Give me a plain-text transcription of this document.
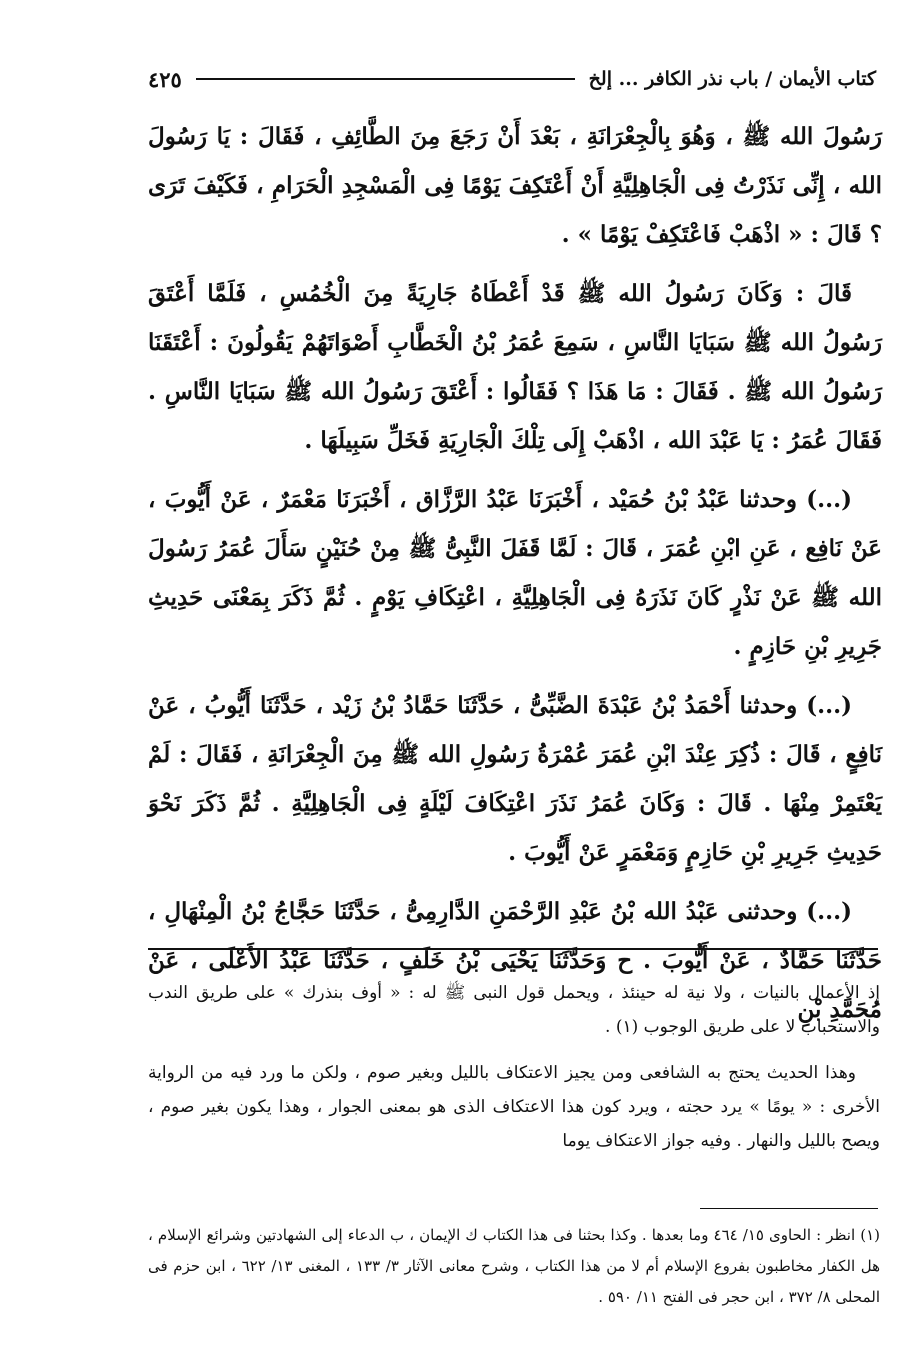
كتاب الأيمان / باب نذر الكافر ... إلخ
٤٢٥

رَسُولَ الله ﷺ ، وَهُوَ بِالْجِعْرَانَةِ ، بَعْدَ أَنْ رَجَعَ مِنَ الطَّائِفِ ، فَقَالَ : يَا رَسُولَ الله ، إِنِّى نَذَرْتُ فِى الْجَاهِلِيَّةِ أَنْ أَعْتَكِفَ يَوْمًا فِى الْمَسْجِدِ الْحَرَامِ ، فَكَيْفَ تَرَى ؟ قَالَ : « اذْهَبْ فَاعْتَكِفْ يَوْمًا » .

قَالَ : وَكَانَ رَسُولُ الله ﷺ قَدْ أَعْطَاهُ جَارِيَةً مِنَ الْخُمُسِ ، فَلَمَّا أَعْتَقَ رَسُولُ الله ﷺ سَبَايَا النَّاسِ ، سَمِعَ عُمَرُ بْنُ الْخَطَّابِ أَصْوَاتَهُمْ يَقُولُونَ : أَعْتَقَنَا رَسُولُ الله ﷺ . فَقَالَ : مَا هَذَا ؟ فَقَالُوا : أَعْتَقَ رَسُولُ الله ﷺ سَبَايَا النَّاسِ . فَقَالَ عُمَرُ : يَا عَبْدَ الله ، اذْهَبْ إِلَى تِلْكَ الْجَارِيَةِ فَخَلِّ سَبِيلَهَا .

(...) وحدثنا عَبْدُ بْنُ حُمَيْد ، أَخْبَرَنَا عَبْدُ الرَّزَّاق ، أَخْبَرَنَا مَعْمَرٌ ، عَنْ أَيُّوبَ ، عَنْ نَافِع ، عَنِ ابْنِ عُمَرَ ، قَالَ : لَمَّا قَفَلَ النَّبِىُّ ﷺ مِنْ حُنَيْنٍ سَأَلَ عُمَرُ رَسُولَ الله ﷺ عَنْ نَذْرٍ كَانَ نَذَرَهُ فِى الْجَاهِلِيَّةِ ، اعْتِكَافِ يَوْمٍ . ثُمَّ ذَكَرَ بِمَعْنَى حَدِيثِ جَرِيرِ بْنِ حَازِمٍ .

(...) وحدثنا أَحْمَدُ بْنُ عَبْدَةَ الضَّبِّىُّ ، حَدَّثَنَا حَمَّادُ بْنُ زَيْد ، حَدَّثَنَا أَيُّوبُ ، عَنْ نَافِعٍ ، قَالَ : ذُكِرَ عِنْدَ ابْنِ عُمَرَ عُمْرَةُ رَسُولِ الله ﷺ مِنَ الْجِعْرَانَةِ ، فَقَالَ : لَمْ يَعْتَمِرْ مِنْهَا . قَالَ : وَكَانَ عُمَرُ نَذَرَ اعْتِكَافَ لَيْلَةٍ فِى الْجَاهِلِيَّةِ . ثُمَّ ذَكَرَ نَحْوَ حَدِيثِ جَرِيرِ بْنِ حَازِمٍ وَمَعْمَرٍ عَنْ أَيُّوبَ .

(...) وحدثنى عَبْدُ الله بْنُ عَبْدِ الرَّحْمَنِ الدَّارِمِىُّ ، حَدَّثَنَا حَجَّاجُ بْنُ الْمِنْهَالِ ، حَدَّثَنَا حَمَّادٌ ، عَنْ أَيُّوبَ . ح وَحَدَّثَنَا يَحْيَى بْنُ خَلَفٍ ، حَدَّثَنَا عَبْدُ الأَعْلَى ، عَنْ مُحَمَّدِ بْنِ

إذ الأعمال بالنيات ، ولا نية له حينئذ ، ويحمل قول النبى ﷺ له : « أوف بنذرك » على طريق الندب والاستحباب لا على طريق الوجوب (١) .

وهذا الحديث يحتج به الشافعى ومن يجيز الاعتكاف بالليل وبغير صوم ، ولكن ما ورد فيه من الرواية الأخرى : « يومًا » يرد حجته ، ويرد كون هذا الاعتكاف الذى هو بمعنى الجوار ، وهذا يكون بغير صوم ، ويصح بالليل والنهار . وفيه جواز الاعتكاف يوما

(١) انظر : الحاوى ١٥/ ٤٦٤ وما بعدها . وكذا بحثنا فى هذا الكتاب ك الإيمان ، ب الدعاء إلى الشهادتين وشرائع الإسلام ، هل الكفار مخاطبون بفروع الإسلام أم لا من هذا الكتاب ، وشرح معانى الآثار ٣/ ١٣٣ ، المغنى ١٣/ ٦٢٢ ، ابن حزم فى المحلى ٨/ ٣٧٢ ، ابن حجر فى الفتح ١١/ ٥٩٠ .
